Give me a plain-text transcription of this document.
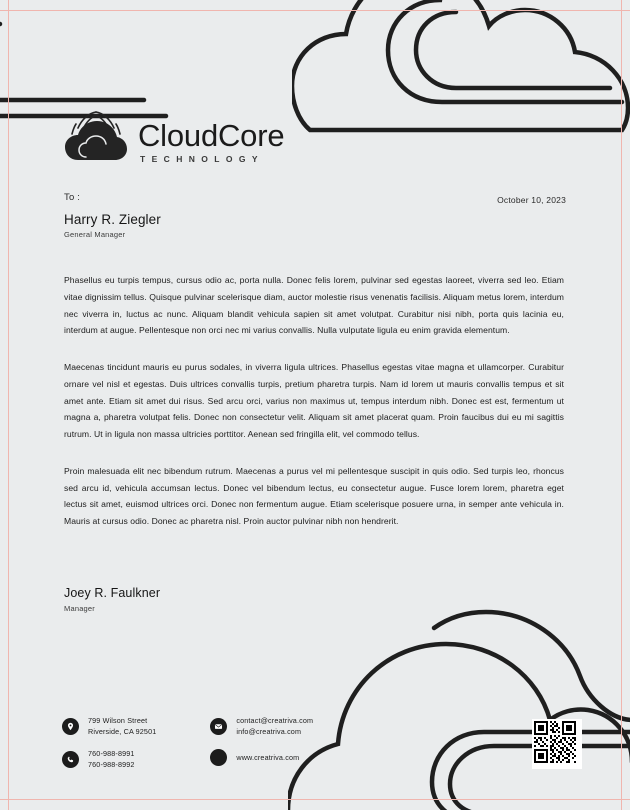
CloudCore
TECHNOLOGY
To :
Harry R. Ziegler
General Manager
October 10, 2023

Phasellus eu turpis tempus, cursus odio ac, porta nulla. Donec felis lorem, pulvinar sed egestas laoreet, viverra sed leo. Etiam vitae dignissim tellus. Quisque pulvinar scelerisque diam, auctor molestie risus venenatis facilisis. Aliquam metus lorem, interdum nec viverra in, luctus ac nunc. Aliquam blandit vehicula sapien sit amet volutpat. Curabitur nisi nibh, porta quis lacinia eu, interdum at augue. Pellentesque non orci nec mi varius convallis. Nulla vulputate ligula eu enim gravida elementum.

Maecenas tincidunt mauris eu purus sodales, in viverra ligula ultrices. Phasellus egestas vitae magna et ullamcorper. Curabitur ornare vel nisl et egestas. Duis ultrices convallis turpis, pretium pharetra turpis. Nam id lorem ut mauris convallis tempus et sit amet ante. Etiam sit amet dui risus. Sed arcu orci, varius non maximus ut, tempus interdum nibh. Donec est est, fermentum ut magna a, pharetra volutpat felis. Donec non consectetur velit. Aliquam sit amet placerat quam. Proin faucibus dui eu mi sagittis rutrum. Ut in ligula non massa ultricies porttitor. Aenean sed fringilla elit, vel commodo tellus.

Proin malesuada elit nec bibendum rutrum. Maecenas a purus vel mi pellentesque suscipit in quis odio. Sed turpis leo, rhoncus sed arcu id, vehicula accumsan lectus. Donec vel bibendum lectus, eu consectetur augue. Fusce lorem lorem, pharetra eget lectus sit amet, euismod ultrices orci. Donec non fermentum augue. Etiam scelerisque posuere urna, in semper ante vehicula in. Mauris at cursus odio. Donec ac pharetra nisl. Proin auctor pulvinar nibh non hendrerit.

Joey R. Faulkner
Manager
799 Wilson Street
Riverside, CA 92501
760-988-8991
760-988-8992
contact@creatriva.com
info@creatriva.com
www.creatriva.com
